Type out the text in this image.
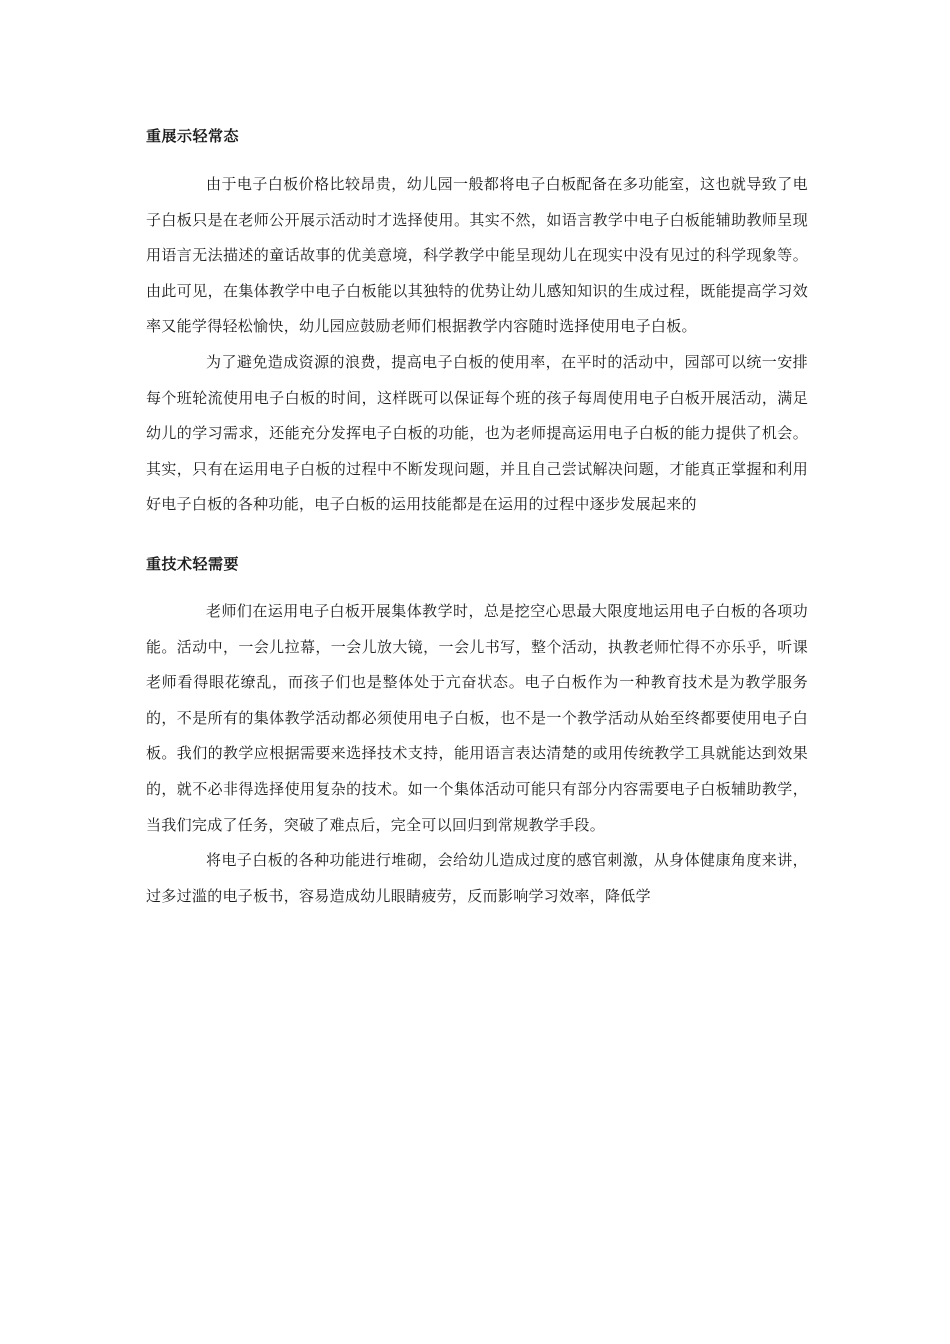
重展示轻常态

由于电子白板价格比较昂贵，幼儿园一般都将电子白板配备在多功能室，这也就导致了电子白板只是在老师公开展示活动时才选择使用。其实不然，如语言教学中电子白板能辅助教师呈现用语言无法描述的童话故事的优美意境，科学教学中能呈现幼儿在现实中没有见过的科学现象等。由此可见，在集体教学中电子白板能以其独特的优势让幼儿感知知识的生成过程，既能提高学习效率又能学得轻松愉快，幼儿园应鼓励老师们根据教学内容随时选择使用电子白板。

为了避免造成资源的浪费，提高电子白板的使用率，在平时的活动中，园部可以统一安排每个班轮流使用电子白板的时间，这样既可以保证每个班的孩子每周使用电子白板开展活动，满足幼儿的学习需求，还能充分发挥电子白板的功能，也为老师提高运用电子白板的能力提供了机会。其实，只有在运用电子白板的过程中不断发现问题，并且自己尝试解决问题，才能真正掌握和利用好电子白板的各种功能，电子白板的运用技能都是在运用的过程中逐步发展起来的

重技术轻需要

老师们在运用电子白板开展集体教学时，总是挖空心思最大限度地运用电子白板的各项功能。活动中，一会儿拉幕，一会儿放大镜，一会儿书写，整个活动，执教老师忙得不亦乐乎，听课老师看得眼花缭乱，而孩子们也是整体处于亢奋状态。电子白板作为一种教育技术是为教学服务的，不是所有的集体教学活动都必须使用电子白板，也不是一个教学活动从始至终都要使用电子白板。我们的教学应根据需要来选择技术支持，能用语言表达清楚的或用传统教学工具就能达到效果的，就不必非得选择使用复杂的技术。如一个集体活动可能只有部分内容需要电子白板辅助教学，当我们完成了任务，突破了难点后，完全可以回归到常规教学手段。

将电子白板的各种功能进行堆砌，会给幼儿造成过度的感官刺激，从身体健康角度来讲，过多过滥的电子板书，容易造成幼儿眼睛疲劳，反而影响学习效率，降低学
